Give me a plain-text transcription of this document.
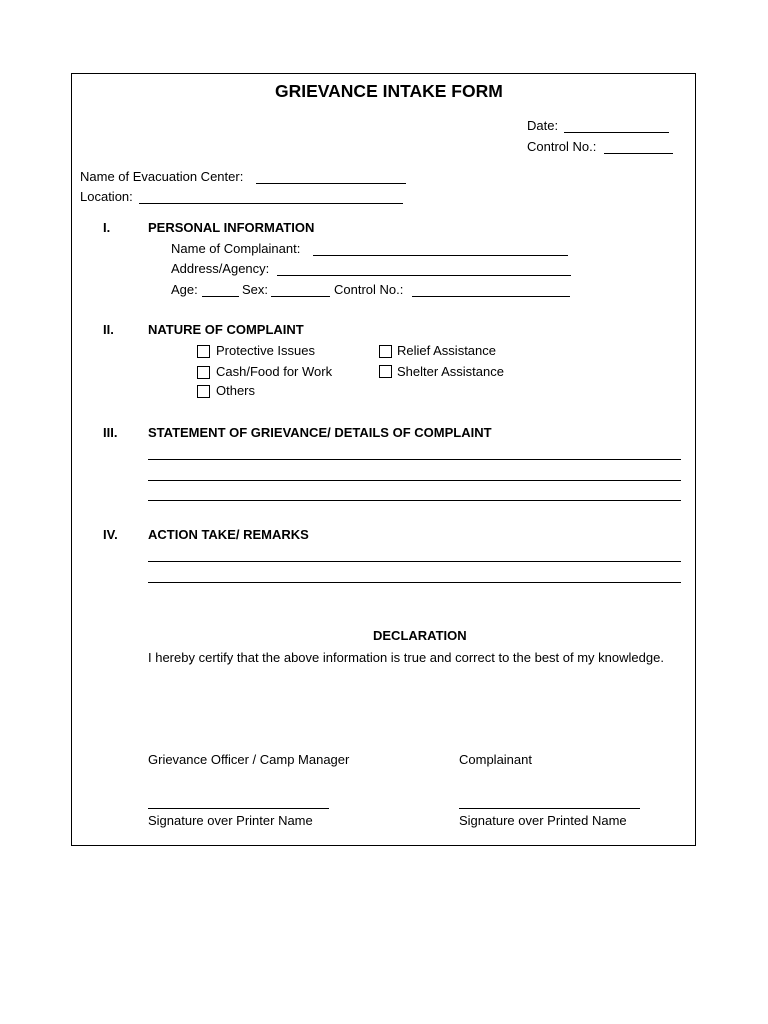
GRIEVANCE INTAKE FORM
Date:
Control No.:
Name of Evacuation Center:
Location:
I.	PERSONAL INFORMATION
Name of Complainant:
Address/Agency:
Age:	Sex:	Control No.:
II.	NATURE OF COMPLAINT
Protective Issues	Relief Assistance
Cash/Food for Work	Shelter Assistance
Others
III. STATEMENT OF GRIEVANCE/ DETAILS OF COMPLAINT
IV. ACTION TAKE/ REMARKS
DECLARATION
I hereby certify that the above information is true and correct to the best of my knowledge.
Grievance Officer / Camp Manager	Complainant
Signature over Printer Name	Signature over Printed Name
